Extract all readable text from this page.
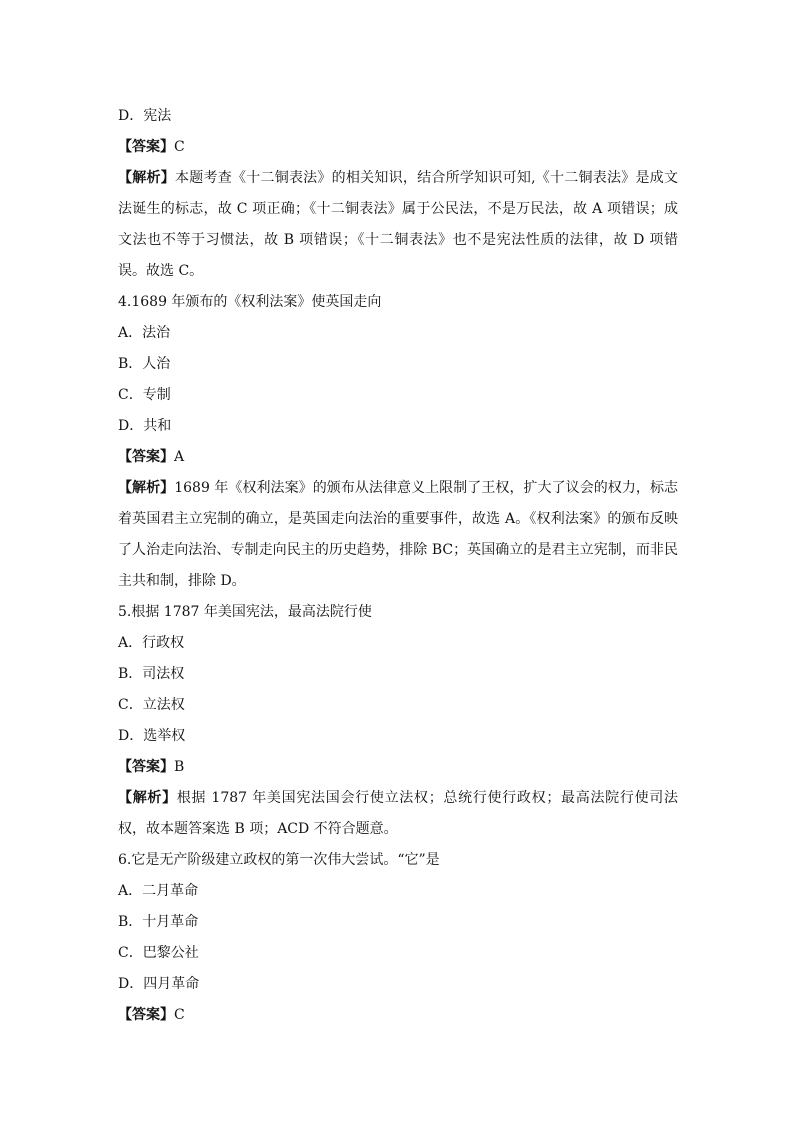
D．宪法

【答案】C

【解析】本题考查《十二铜表法》的相关知识，结合所学知识可知,《十二铜表法》是成文法诞生的标志，故 C 项正确；《十二铜表法》属于公民法，不是万民法，故 A 项错误；成文法也不等于习惯法，故 B 项错误；《十二铜表法》也不是宪法性质的法律，故 D 项错误。故选 C。

4.1689 年颁布的《权利法案》使英国走向

A．法治

B．人治

C．专制

D．共和

【答案】A

【解析】1689 年《权利法案》的颁布从法律意义上限制了王权，扩大了议会的权力，标志着英国君主立宪制的确立，是英国走向法治的重要事件，故选 A。《权利法案》的颁布反映了人治走向法治、专制走向民主的历史趋势，排除 BC；英国确立的是君主立宪制，而非民主共和制，排除 D。

5.根据 1787 年美国宪法，最高法院行使

A．行政权

B．司法权

C．立法权

D．选举权

【答案】B

【解析】根据 1787 年美国宪法国会行使立法权；总统行使行政权；最高法院行使司法权，故本题答案选 B 项；ACD 不符合题意。

6.它是无产阶级建立政权的第一次伟大尝试。“它”是

A．二月革命

B．十月革命

C．巴黎公社

D．四月革命

【答案】C
